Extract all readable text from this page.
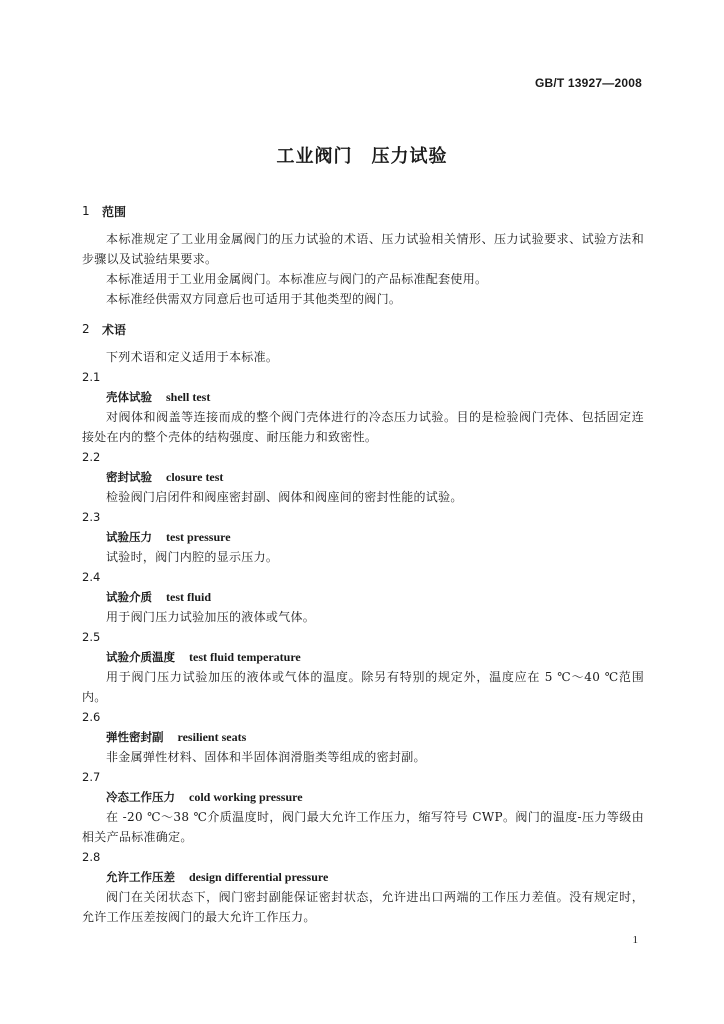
GB/T 13927—2008
工业阀门　压力试验
1	范围
本标准规定了工业用金属阀门的压力试验的术语、压力试验相关情形、压力试验要求、试验方法和步骤以及试验结果要求。
本标准适用于工业用金属阀门。本标准应与阀门的产品标准配套使用。
本标准经供需双方同意后也可适用于其他类型的阀门。
2	术语
下列术语和定义适用于本标准。
2.1
壳体试验 shell test
对阀体和阀盖等连接而成的整个阀门壳体进行的冷态压力试验。目的是检验阀门壳体、包括固定连接处在内的整个壳体的结构强度、耐压能力和致密性。
2.2
密封试验 closure test
检验阀门启闭件和阀座密封副、阀体和阀座间的密封性能的试验。
2.3
试验压力 test pressure
试验时，阀门内腔的显示压力。
2.4
试验介质 test fluid
用于阀门压力试验加压的液体或气体。
2.5
试验介质温度 test fluid temperature
用于阀门压力试验加压的液体或气体的温度。除另有特别的规定外，温度应在 5 ℃～40 ℃范围内。
2.6
弹性密封副 resilient seats
非金属弹性材料、固体和半固体润滑脂类等组成的密封副。
2.7
冷态工作压力 cold working pressure
在 -20 ℃～38 ℃介质温度时，阀门最大允许工作压力，缩写符号 CWP。阀门的温度-压力等级由相关产品标准确定。
2.8
允许工作压差 design differential pressure
阀门在关闭状态下，阀门密封副能保证密封状态，允许进出口两端的工作压力差值。没有规定时，允许工作压差按阀门的最大允许工作压力。
1
